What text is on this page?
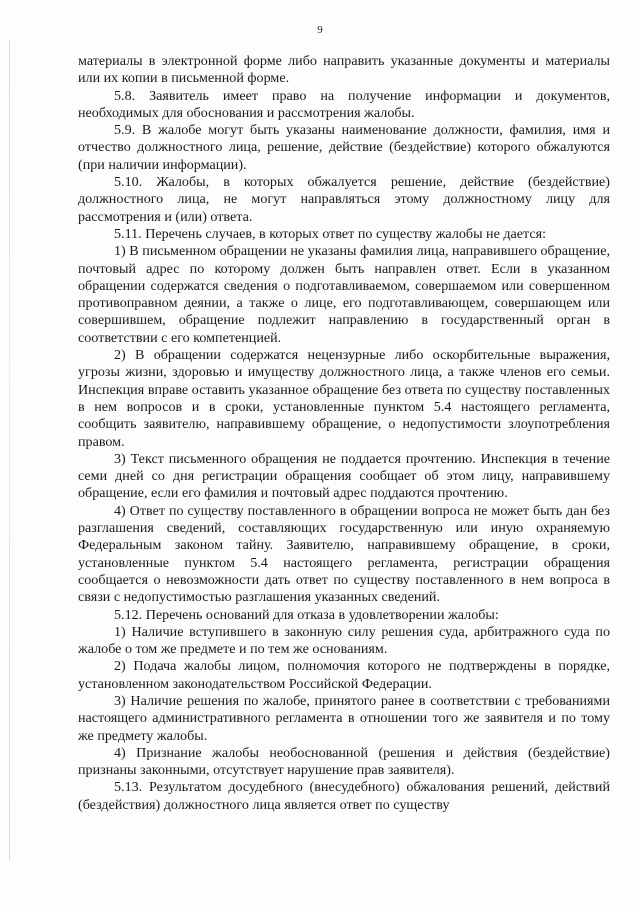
9

материалы в электронной форме либо направить указанные документы и материалы или их копии в письменной форме.

5.8. Заявитель имеет право на получение информации и документов, необходимых для обоснования и рассмотрения жалобы.

5.9. В жалобе могут быть указаны наименование должности, фамилия, имя и отчество должностного лица, решение, действие (бездействие) которого обжалуются (при наличии информации).

5.10. Жалобы, в которых обжалуется решение, действие (бездействие) должностного лица, не могут направляться этому должностному лицу для рассмотрения и (или) ответа.

5.11. Перечень случаев, в которых ответ по существу жалобы не дается:

1) В письменном обращении не указаны фамилия лица, направившего обращение, почтовый адрес по которому должен быть направлен ответ. Если в указанном обращении содержатся сведения о подготавливаемом, совершаемом или совершенном противоправном деянии, а также о лице, его подготавливающем, совершающем или совершившем, обращение подлежит направлению в государственный орган в соответствии с его компетенцией.

2) В обращении содержатся нецензурные либо оскорбительные выражения, угрозы жизни, здоровью и имуществу должностного лица, а также членов его семьи. Инспекция вправе оставить указанное обращение без ответа по существу поставленных в нем вопросов и в сроки, установленные пунктом 5.4 настоящего регламента, сообщить заявителю, направившему обращение, о недопустимости злоупотребления правом.

3) Текст письменного обращения не поддается прочтению. Инспекция в течение семи дней со дня регистрации обращения сообщает об этом лицу, направившему обращение, если его фамилия и почтовый адрес поддаются прочтению.

4) Ответ по существу поставленного в обращении вопроса не может быть дан без разглашения сведений, составляющих государственную или иную охраняемую Федеральным законом тайну. Заявителю, направившему обращение, в сроки, установленные пунктом 5.4 настоящего регламента, регистрации обращения сообщается о невозможности дать ответ по существу поставленного в нем вопроса в связи с недопустимостью разглашения указанных сведений.

5.12. Перечень оснований для отказа в удовлетворении жалобы:

1) Наличие вступившего в законную силу решения суда, арбитражного суда по жалобе о том же предмете и по тем же основаниям.

2) Подача жалобы лицом, полномочия которого не подтверждены в порядке, установленном законодательством Российской Федерации.

3) Наличие решения по жалобе, принятого ранее в соответствии с требованиями настоящего административного регламента в отношении того же заявителя и по тому же предмету жалобы.

4) Признание жалобы необоснованной (решения и действия (бездействие) признаны законными, отсутствует нарушение прав заявителя).

5.13. Результатом досудебного (внесудебного) обжалования решений, действий (бездействия) должностного лица является ответ по существу
